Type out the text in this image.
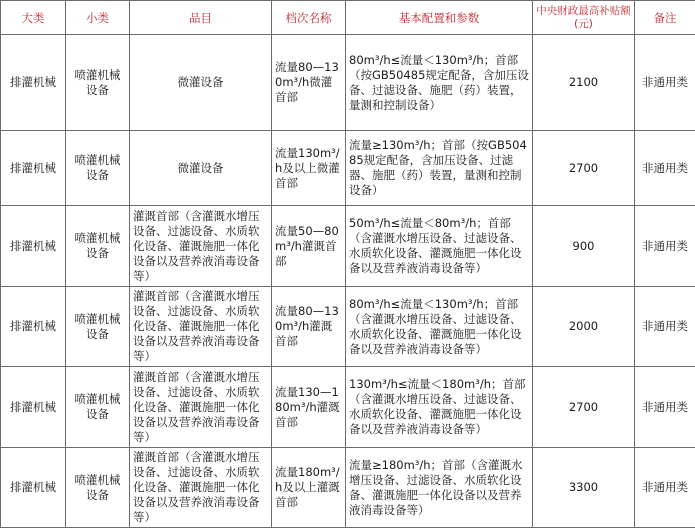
大类	小类	品目	档次名称	基本配置和参数	中央财政最高补贴额(元)	备注
排灌机械	喷灌机械设备	微灌设备	流量80—130m³/h微灌首部	80m³/h≤流量＜130m³/h；首部（按GB50485规定配备，含加压设备、过滤设备、施肥（药）装置，量测和控制设备）	2100	非通用类
排灌机械	喷灌机械设备	微灌设备	流量130m³/h及以上微灌首部	流量≥130m³/h；首部（按GB50485规定配备，含加压设备、过滤器、施肥（药）装置，量测和控制设备）	2700	非通用类
排灌机械	喷灌机械设备	灌溉首部（含灌溉水增压设备、过滤设备、水质软化设备、灌溉施肥一体化设备以及营养液消毒设备等）	流量50—80m³/h灌溉首部	50m³/h≤流量＜80m³/h；首部（含灌溉水增压设备、过滤设备、水质软化设备、灌溉施肥一体化设备以及营养液消毒设备等）	900	非通用类
排灌机械	喷灌机械设备	灌溉首部（含灌溉水增压设备、过滤设备、水质软化设备、灌溉施肥一体化设备以及营养液消毒设备等）	流量80—130m³/h灌溉首部	80m³/h≤流量＜130m³/h；首部（含灌溉水增压设备、过滤设备、水质软化设备、灌溉施肥一体化设备以及营养液消毒设备等）	2000	非通用类
排灌机械	喷灌机械设备	灌溉首部（含灌溉水增压设备、过滤设备、水质软化设备、灌溉施肥一体化设备以及营养液消毒设备等）	流量130—180m³/h灌溉首部	130m³/h≤流量＜180m³/h；首部（含灌溉水增压设备、过滤设备、水质软化设备、灌溉施肥一体化设备以及营养液消毒设备等）	2700	非通用类
排灌机械	喷灌机械设备	灌溉首部（含灌溉水增压设备、过滤设备、水质软化设备、灌溉施肥一体化设备以及营养液消毒设备等）	流量180m³/h及以上灌溉首部	流量≥180m³/h；首部（含灌溉水增压设备、过滤设备、水质软化设备、灌溉施肥一体化设备以及营养液消毒设备等）	3300	非通用类
